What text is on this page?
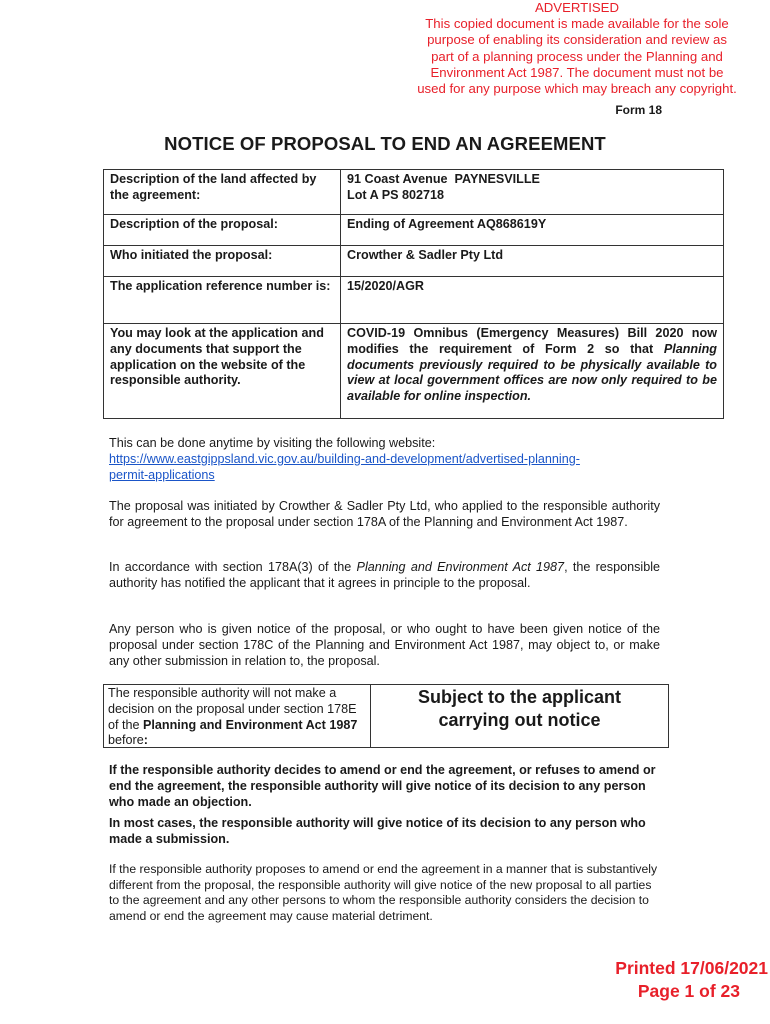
ADVERTISED
This copied document is made available for the sole
purpose of enabling its consideration and review as
part of a planning process under the Planning and
Environment Act 1987. The document must not be
used for any purpose which may breach any copyright.
Form 18
NOTICE OF PROPOSAL TO END AN AGREEMENT
Description of the land affected by the agreement:	91 Coast Avenue  PAYNESVILLE
Lot A PS 802718

Description of the proposal:	Ending of Agreement AQ868619Y
Who initiated the proposal:	Crowther & Sadler Pty Ltd
The application reference number is:	15/2020/AGR
You may look at the application and any documents that support the application on the website of the responsible authority.	COVID-19 Omnibus (Emergency Measures) Bill 2020 now modifies the requirement of Form 2 so that Planning documents previously required to be physically available to view at local government offices are now only required to be available for online inspection.
This can be done anytime by visiting the following website:
https://www.eastgippsland.vic.gov.au/building-and-development/advertised-planning-
permit-applications
The proposal was initiated by Crowther & Sadler Pty Ltd, who applied to the responsible authority for agreement to the proposal under section 178A of the Planning and Environment Act 1987.
In accordance with section 178A(3) of the Planning and Environment Act 1987, the responsible authority has notified the applicant that it agrees in principle to the proposal.
Any person who is given notice of the proposal, or who ought to have been given notice of the proposal under section 178C of the Planning and Environment Act 1987, may object to, or make any other submission in relation to, the proposal.
The responsible authority will not make a decision on the proposal under section 178E of the Planning and Environment Act 1987 before:
Subject to the applicant
carrying out notice
If the responsible authority decides to amend or end the agreement, or refuses to amend or end the agreement, the responsible authority will give notice of its decision to any person who made an objection.
In most cases, the responsible authority will give notice of its decision to any person who made a submission.
If the responsible authority proposes to amend or end the agreement in a manner that is substantively different from the proposal, the responsible authority will give notice of the new proposal to all parties to the agreement and any other persons to whom the responsible authority considers the decision to amend or end the agreement may cause material detriment.
Printed 17/06/2021
Page 1 of 23
